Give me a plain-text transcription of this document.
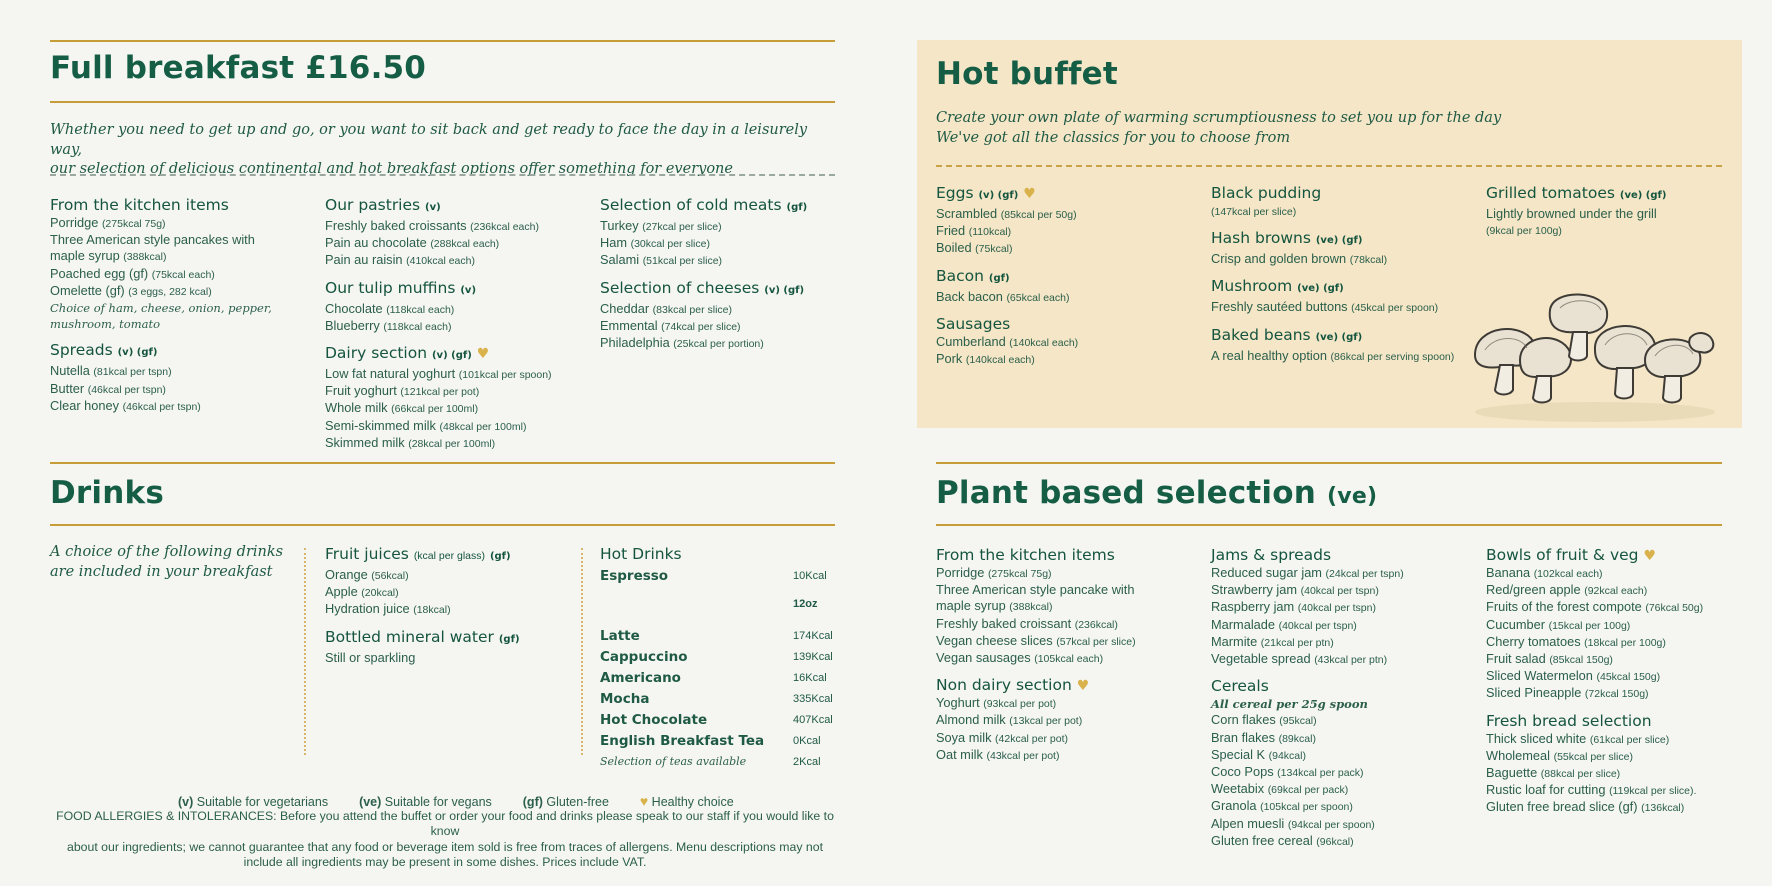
Full breakfast £16.50
Whether you need to get up and go, or you want to sit back and get ready to face the day in a leisurely way,
our selection of delicious continental and hot breakfast options offer something for everyone
From the kitchen items
Porridge (275kcal 75g)
Three American style pancakes with
maple syrup (388kcal)
Poached egg (gf) (75kcal each)
Omelette (gf) (3 eggs, 282 kcal)
Choice of ham, cheese, onion, pepper,
mushroom, tomato
Spreads (v) (gf)
Nutella (81kcal per tspn)
Butter (46kcal per tspn)
Clear honey (46kcal per tspn)
Our pastries (v)
Freshly baked croissants (236kcal each)
Pain au chocolate (288kcal each)
Pain au raisin (410kcal each)
Our tulip muffins (v)
Chocolate (118kcal each)
Blueberry (118kcal each)
Dairy section (v) (gf) ♥
Low fat natural yoghurt (101kcal per spoon)
Fruit yoghurt (121kcal per pot)
Whole milk (66kcal per 100ml)
Semi-skimmed milk (48kcal per 100ml)
Skimmed milk (28kcal per 100ml)
Selection of cold meats (gf)
Turkey (27kcal per slice)
Ham (30kcal per slice)
Salami (51kcal per slice)
Selection of cheeses (v) (gf)
Cheddar (83kcal per slice)
Emmental (74kcal per slice)
Philadelphia (25kcal per portion)
Hot buffet
Create your own plate of warming scrumptiousness to set you up for the day
We've got all the classics for you to choose from
Eggs (v) (gf) ♥
Scrambled (85kcal per 50g)
Fried (110kcal)
Boiled (75kcal)
Bacon (gf)
Back bacon (65kcal each)
Sausages
Cumberland (140kcal each)
Pork (140kcal each)
Black pudding
(147kcal per slice)
Hash browns (ve) (gf)
Crisp and golden brown (78kcal)
Mushroom (ve) (gf)
Freshly sautéed buttons (45kcal per spoon)
Baked beans (ve) (gf)
A real healthy option (86kcal per serving spoon)
Grilled tomatoes (ve) (gf)
Lightly browned under the grill
(9kcal per 100g)
Drinks
A choice of the following drinks
are included in your breakfast
Fruit juices (kcal per glass) (gf)
Orange (56kcal)
Apple (20kcal)
Hydration juice (18kcal)
Bottled mineral water (gf)
Still or sparkling
Hot Drinks
Espresso	10Kcal
12oz
Latte	174Kcal
Cappuccino	139Kcal
Americano	16Kcal
Mocha	335Kcal
Hot Chocolate	407Kcal
English Breakfast Tea	0Kcal
Selection of teas available	2Kcal
(v) Suitable for vegetarians (ve) Suitable for vegans (gf) Gluten-free ♥ Healthy choice
FOOD ALLERGIES & INTOLERANCES: Before you attend the buffet or order your food and drinks please speak to our staff if you would like to know
about our ingredients; we cannot guarantee that any food or beverage item sold is free from traces of allergens. Menu descriptions may not
include all ingredients may be present in some dishes. Prices include VAT.
Plant based selection (ve)
From the kitchen items
Porridge (275kcal 75g)
Three American style pancake with
maple syrup (388kcal)
Freshly baked croissant (236kcal)
Vegan cheese slices (57kcal per slice)
Vegan sausages (105kcal each)
Non dairy section ♥
Yoghurt (93kcal per pot)
Almond milk (13kcal per pot)
Soya milk (42kcal per pot)
Oat milk (43kcal per pot)
Jams & spreads
Reduced sugar jam (24kcal per tspn)
Strawberry jam (40kcal per tspn)
Raspberry jam (40kcal per tspn)
Marmalade (40kcal per tspn)
Marmite (21kcal per ptn)
Vegetable spread (43kcal per ptn)
Cereals
All cereal per 25g spoon
Corn flakes (95kcal)
Bran flakes (89kcal)
Special K (94kcal)
Coco Pops (134kcal per pack)
Weetabix (69kcal per pack)
Granola (105kcal per spoon)
Alpen muesli (94kcal per spoon)
Gluten free cereal (96kcal)
Bowls of fruit & veg ♥
Banana (102kcal each)
Red/green apple (92kcal each)
Fruits of the forest compote (76kcal 50g)
Cucumber (15kcal per 100g)
Cherry tomatoes (18kcal per 100g)
Fruit salad (85kcal 150g)
Sliced Watermelon (45kcal 150g)
Sliced Pineapple (72kcal 150g)
Fresh bread selection
Thick sliced white (61kcal per slice)
Wholemeal (55kcal per slice)
Baguette (88kcal per slice)
Rustic loaf for cutting (119kcal per slice).
Gluten free bread slice (gf) (136kcal)
